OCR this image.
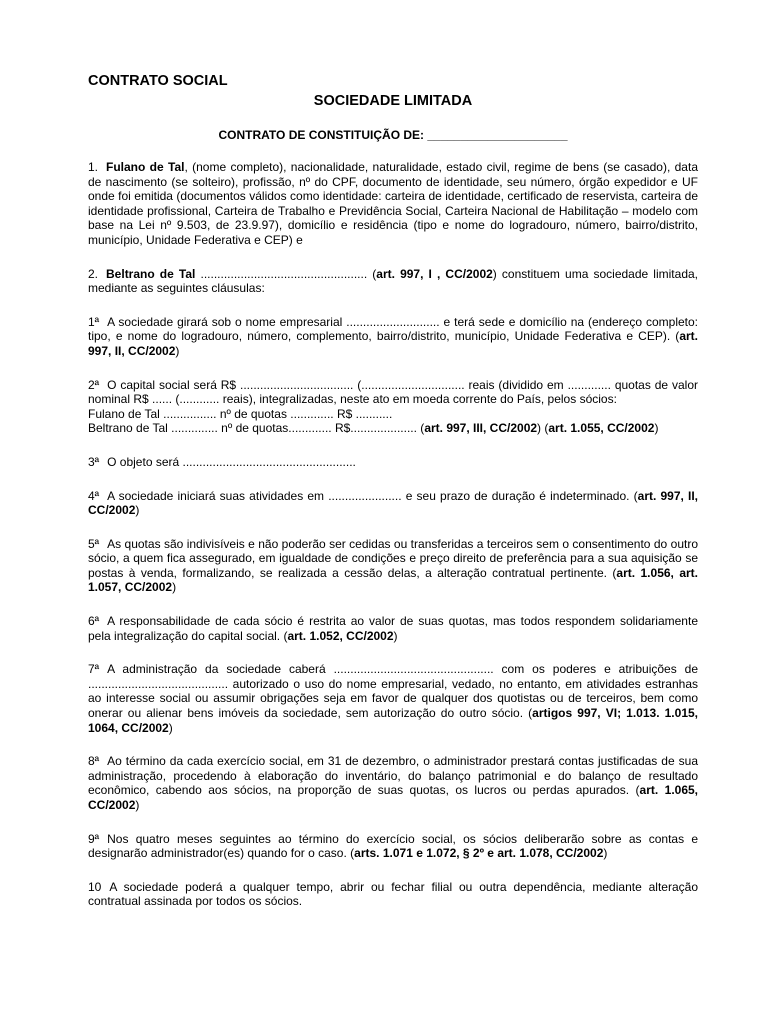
CONTRATO SOCIAL
SOCIEDADE LIMITADA
CONTRATO DE CONSTITUIÇÃO DE: _____________________

1. Fulano de Tal, (nome completo), nacionalidade, naturalidade, estado civil, regime de bens (se casado), data de nascimento (se solteiro), profissão, nº do CPF, documento de identidade, seu número, órgão expedidor e UF onde foi emitida (documentos válidos como identidade: carteira de identidade, certificado de reservista, carteira de identidade profissional, Carteira de Trabalho e Previdência Social, Carteira Nacional de Habilitação – modelo com base na Lei nº 9.503, de 23.9.97), domicílio e residência (tipo e nome do logradouro, número, bairro/distrito, município, Unidade Federativa e CEP) e

2. Beltrano de Tal .................................................. (art. 997, I , CC/2002) constituem uma sociedade limitada, mediante as seguintes cláusulas:

1ª A sociedade girará sob o nome empresarial ............................ e terá sede e domicílio na (endereço completo: tipo, e nome do logradouro, número, complemento, bairro/distrito, município, Unidade Federativa e CEP). (art. 997, II, CC/2002)

2ª O capital social será R$ .................................. (............................... reais (dividido em ............. quotas de valor nominal R$ ...... (............ reais), integralizadas, neste ato em moeda corrente do País, pelos sócios:
Fulano de Tal ................ nº de quotas ............. R$ ...........
Beltrano de Tal .............. nº de quotas............. R$.................... (art. 997, III, CC/2002) (art. 1.055, CC/2002)

3ª O objeto será ....................................................

4ª A sociedade iniciará suas atividades em ...................... e seu prazo de duração é indeterminado. (art. 997, II, CC/2002)

5ª As quotas são indivisíveis e não poderão ser cedidas ou transferidas a terceiros sem o consentimento do outro sócio, a quem fica assegurado, em igualdade de condições e preço direito de preferência para a sua aquisição se postas à venda, formalizando, se realizada a cessão delas, a alteração contratual pertinente. (art. 1.056, art. 1.057, CC/2002)

6ª A responsabilidade de cada sócio é restrita ao valor de suas quotas, mas todos respondem solidariamente pela integralização do capital social. (art. 1.052, CC/2002)

7ª A administração da sociedade caberá ................................................ com os poderes e atribuições de .......................................... autorizado o uso do nome empresarial, vedado, no entanto, em atividades estranhas ao interesse social ou assumir obrigações seja em favor de qualquer dos quotistas ou de terceiros, bem como onerar ou alienar bens imóveis da sociedade, sem autorização do outro sócio. (artigos 997, VI; 1.013. 1.015, 1064, CC/2002)

8ª Ao término da cada exercício social, em 31 de dezembro, o administrador prestará contas justificadas de sua administração, procedendo à elaboração do inventário, do balanço patrimonial e do balanço de resultado econômico, cabendo aos sócios, na proporção de suas quotas, os lucros ou perdas apurados. (art. 1.065, CC/2002)

9ª Nos quatro meses seguintes ao término do exercício social, os sócios deliberarão sobre as contas e designarão administrador(es) quando for o caso. (arts. 1.071 e 1.072, § 2º e art. 1.078, CC/2002)

10 A sociedade poderá a qualquer tempo, abrir ou fechar filial ou outra dependência, mediante alteração contratual assinada por todos os sócios.
